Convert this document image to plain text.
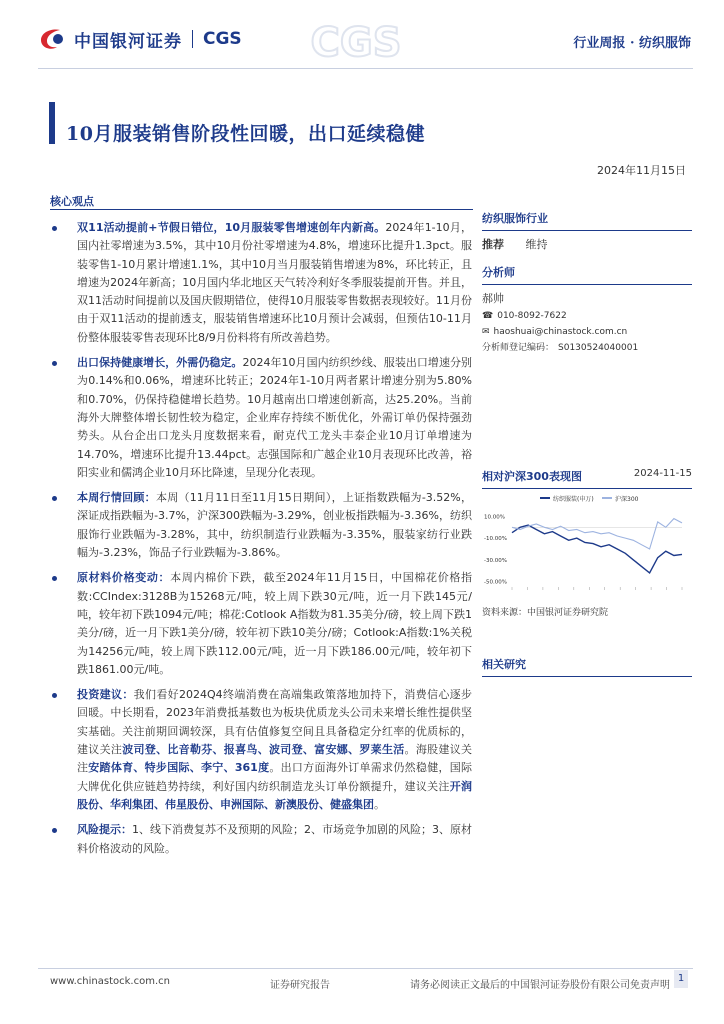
中国银河证券 CGS CGS	行业周报 · 纺织服饰
10月服装销售阶段性回暖，出口延续稳健
2024年11月15日
核心观点
双11活动提前+节假日错位，10月服装零售增速创年内新高。2024年1-10月，国内社零增速为3.5%，其中10月份社零增速为4.8%，增速环比提升1.3pct。服装零售1-10月累计增速1.1%，其中10月当月服装销售增速为8%，环比转正，且增速为2024年新高；10月国内华北地区天气转冷利好冬季服装提前开售。并且，双11活动时间提前以及国庆假期错位，使得10月服装零售数据表现较好。11月份由于双11活动的提前透支，服装销售增速环比10月预计会减弱，但预估10-11月份整体服装零售表现环比8/9月份料将有所改善趋势。
出口保持健康增长，外需仍稳定。2024年10月国内纺织纱线、服装出口增速分别为0.14%和0.06%，增速环比转正；2024年1-10月两者累计增速分别为5.80%和0.70%，仍保持稳健增长趋势。10月越南出口增速创新高，达25.20%。当前海外大牌整体增长韧性较为稳定，企业库存持续不断优化，外需订单仍保持强劲势头。从台企出口龙头月度数据来看，耐克代工龙头丰泰企业10月订单增速为14.70%，增速环比提升13.44pct。志强国际和广越企业10月表现环比改善，裕阳实业和儒鸿企业10月环比降速，呈现分化表现。
本周行情回顾：本周（11月11日至11月15日期间），上证指数跌幅为-3.52%，深证成指跌幅为-3.7%，沪深300跌幅为-3.29%，创业板指跌幅为-3.36%，纺织服饰行业跌幅为-3.28%，其中，纺织制造行业跌幅为-3.35%，服装家纺行业跌幅为-3.23%，饰品子行业跌幅为-3.86%。
原材料价格变动：本周内棉价下跌，截至2024年11月15日，中国棉花价格指数:CCIndex:3128B为15268元/吨，较上周下跌30元/吨，近一月下跌145元/吨，较年初下跌1094元/吨；棉花:Cotlook A指数为81.35美分/磅，较上周下跌1美分/磅，近一月下跌1美分/磅，较年初下跌10美分/磅；Cotlook:A指数:1%关税为14256元/吨，较上周下跌112.00元/吨，近一月下跌186.00元/吨，较年初下跌1861.00元/吨。
投资建议：我们看好2024Q4终端消费在高端集政策落地加持下，消费信心逐步回暖。中长期看，2023年消费抵基数也为板块优质龙头公司未来增长维性提供坚实基础。关注前期回调较深，具有估值修复空间且具备稳定分红率的优质标的，建议关注波司登、比音勒芬、报喜鸟、波司登、富安娜、罗莱生活。海股建议关注安踏体育、特步国际、李宁、361度。出口方面海外订单需求仍然稳健，国际大牌优化供应链趋势持续，利好国内纺织制造龙头订单份额提升，建议关注开润股份、华利集团、伟星股份、申洲国际、新澳股份、健盛集团。
风险提示：1、线下消费复苏不及预期的风险；2、市场竞争加剧的风险；3、原材料价格波动的风险。
纺织服饰行业
推荐 维持
分析师
郝帅
☎ 010-8092-7622
✉ haoshuai@chinastock.com.cn
分析师登记编码： S0130524040001
相对沪深300表现图	2024-11-15
纺织服装(申万)	沪深300
10.00%
-10.00%
-30.00%
-50.00%
资料来源：中国银河证券研究院
相关研究
www.chinastock.com.cn	证券研究报告	请务必阅读正文最后的中国银河证券股份有限公司免责声明
1
